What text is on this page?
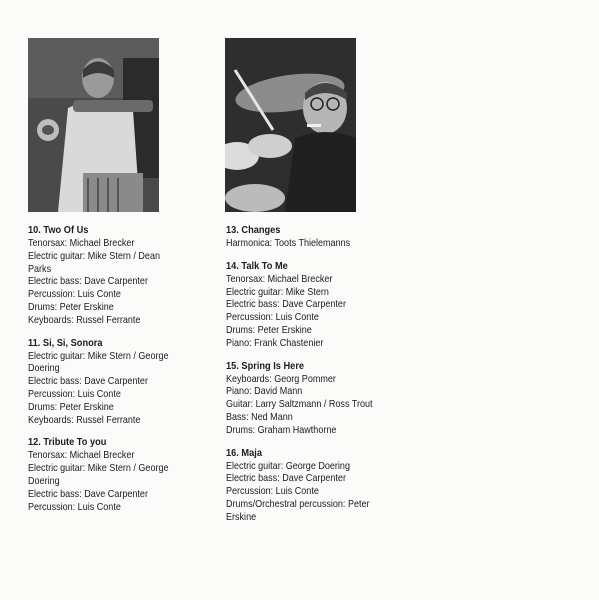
10. Two Of Us
Tenorsax: Michael Brecker
Electric guitar: Mike Stern / Dean Parks
Electric bass: Dave Carpenter
Percussion: Luis Conte
Drums: Peter Erskine
Keyboards: Russel Ferrante
11. Si, Si, Sonora
Electric guitar: Mike Stern / George Doering
Electric bass: Dave Carpenter
Percussion: Luis Conte
Drums: Peter Erskine
Keyboards: Russel Ferrante
12. Tribute To you
Tenorsax: Michael Brecker
Electric guitar: Mike Stern / George Doering
Electric bass: Dave Carpenter
Percussion: Luis Conte
13. Changes
Harmonica: Toots Thielemanns
14. Talk To Me
Tenorsax: Michael Brecker
Electric guitar: Mike Stern
Electric bass: Dave Carpenter
Percussion: Luis Conte
Drums: Peter Erskine
Piano: Frank Chastenier
15. Spring Is Here
Keyboards: Georg Pommer
Piano: David Mann
Guitar: Larry Saltzmann / Ross Trout
Bass: Ned Mann
Drums: Graham Hawthorne
16. Maja
Electric guitar: George Doering
Electric bass: Dave Carpenter
Percussion: Luis Conte
Drums/Orchestral percussion: Peter Erskine
